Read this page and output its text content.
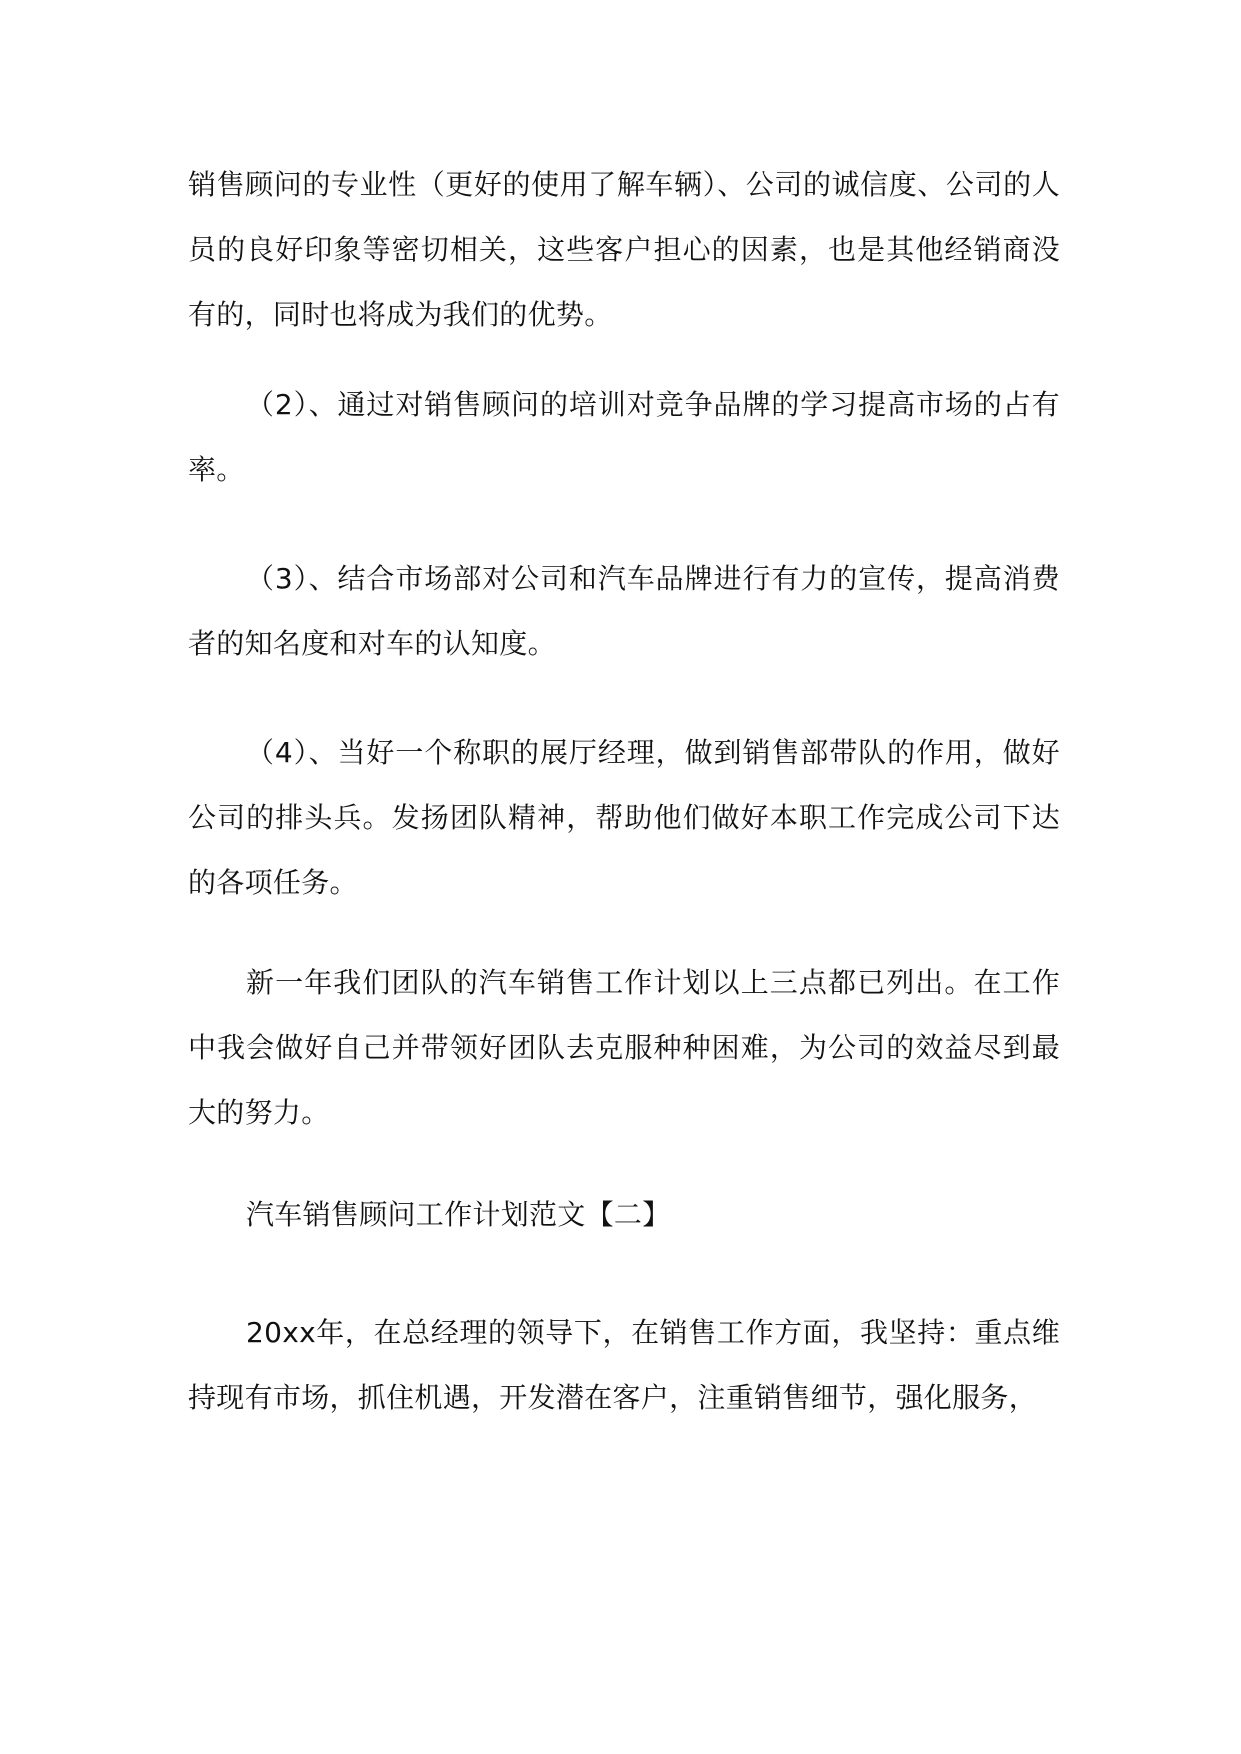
销售顾问的专业性（更好的使用了解车辆）、公司的诚信度、公司的人员的良好印象等密切相关，这些客户担心的因素，也是其他经销商没有的，同时也将成为我们的优势。

（2）、通过对销售顾问的培训对竞争品牌的学习提高市场的占有率。

（3）、结合市场部对公司和汽车品牌进行有力的宣传，提高消费者的知名度和对车的认知度。

（4）、当好一个称职的展厅经理，做到销售部带队的作用，做好公司的排头兵。发扬团队精神，帮助他们做好本职工作完成公司下达的各项任务。

新一年我们团队的汽车销售工作计划以上三点都已列出。在工作中我会做好自己并带领好团队去克服种种困难，为公司的效益尽到最大的努力。

汽车销售顾问工作计划范文【二】

20xx年，在总经理的领导下，在销售工作方面，我坚持：重点维持现有市场，抓住机遇，开发潜在客户，注重销售细节，强化服务，
